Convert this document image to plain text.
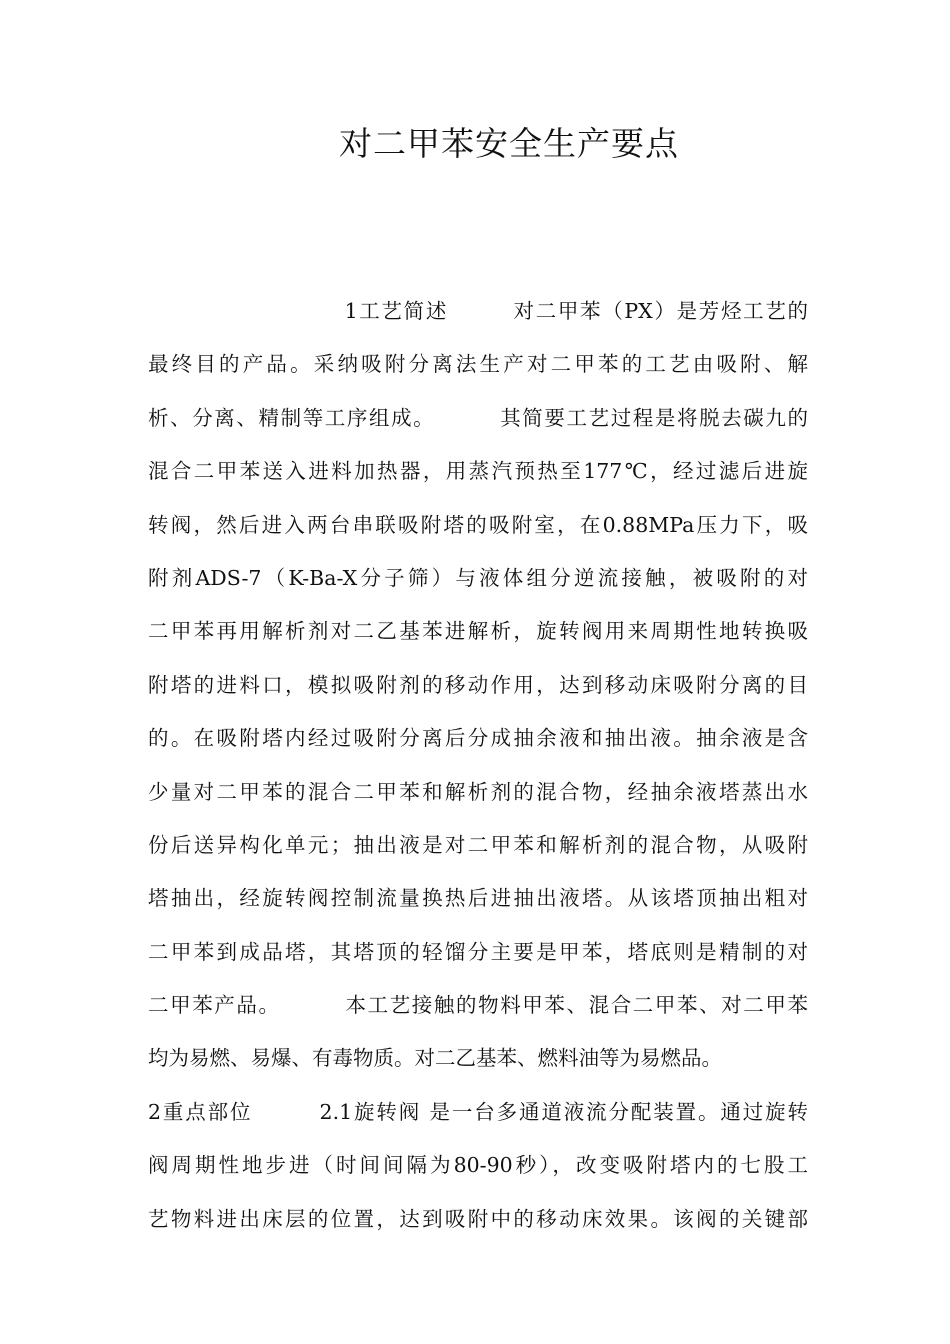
对二甲苯安全生产要点
1工艺简述        对二甲苯（PX）是芳烃工艺的
最终目的产品。采纳吸附分离法生产对二甲苯的工艺由吸附、解
析、分离、精制等工序组成。        其简要工艺过程是将脱去碳九的
混合二甲苯送入进料加热器，用蒸汽预热至177℃，经过滤后进旋
转阀，然后进入两台串联吸附塔的吸附室，在0.88MPa压力下，吸
附剂ADS-7（K-Ba-X分子筛）与液体组分逆流接触，被吸附的对
二甲苯再用解析剂对二乙基苯进解析，旋转阀用来周期性地转换吸
附塔的进料口，模拟吸附剂的移动作用，达到移动床吸附分离的目
的。在吸附塔内经过吸附分离后分成抽余液和抽出液。抽余液是含
少量对二甲苯的混合二甲苯和解析剂的混合物，经抽余液塔蒸出水
份后送异构化单元；抽出液是对二甲苯和解析剂的混合物，从吸附
塔抽出，经旋转阀控制流量换热后进抽出液塔。从该塔顶抽出粗对
二甲苯到成品塔，其塔顶的轻馏分主要是甲苯，塔底则是精制的对
二甲苯产品。        本工艺接触的物料甲苯、混合二甲苯、对二甲苯
均为易燃、易爆、有毒物质。对二乙基苯、燃料油等为易燃品。
2重点部位        2.1旋转阀 是一台多通道液流分配装置。通过旋转
阀周期性地步进（时间间隔为80-90秒），改变吸附塔内的七股工
艺物料进出床层的位置，达到吸附中的移动床效果。该阀的关键部
